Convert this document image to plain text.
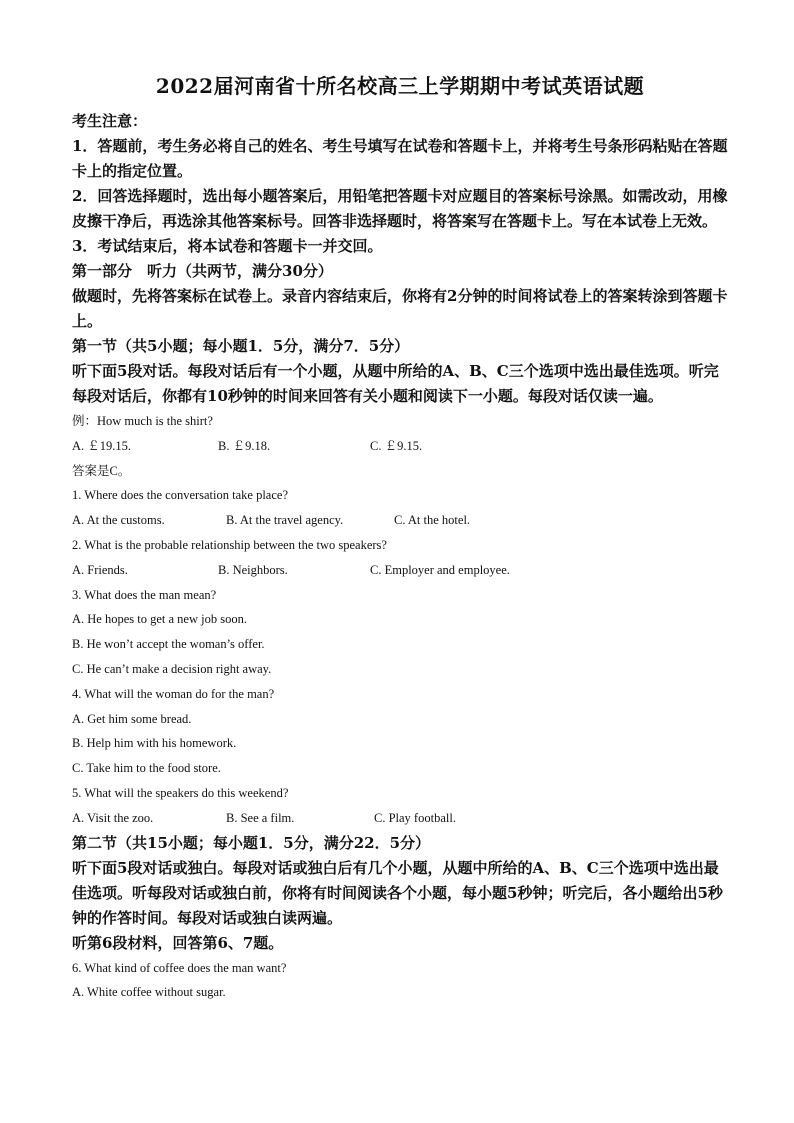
2022届河南省十所名校高三上学期期中考试英语试题
考生注意：
1．答题前，考生务必将自己的姓名、考生号填写在试卷和答题卡上，并将考生号条形码粘贴在答题卡上的指定位置。
2．回答选择题时，选出每小题答案后，用铅笔把答题卡对应题目的答案标号涂黑。如需改动，用橡皮擦干净后，再选涂其他答案标号。回答非选择题时，将答案写在答题卡上。写在本试卷上无效。
3．考试结束后，将本试卷和答题卡一并交回。
第一部分　听力（共两节，满分30分）
做题时，先将答案标在试卷上。录音内容结束后，你将有2分钟的时间将试卷上的答案转涂到答题卡上。
第一节（共5小题；每小题1．5分，满分7．5分）
听下面5段对话。每段对话后有一个小题，从题中所给的A、B、C三个选项中选出最佳选项。听完每段对话后，你都有10秒钟的时间来回答有关小题和阅读下一小题。每段对话仅读一遍。
例：How much is the shirt?
A. ￡19.15.	B. ￡9.18.	C. ￡9.15.
答案是C。
1. Where does the conversation take place?
A. At the customs.	B. At the travel agency.	C. At the hotel.
2. What is the probable relationship between the two speakers?
A. Friends.	B. Neighbors.	C. Employer and employee.
3. What does the man mean?
A. He hopes to get a new job soon.
B. He won’t accept the woman’s offer.
C. He can’t make a decision right away.
4. What will the woman do for the man?
A. Get him some bread.
B. Help him with his homework.
C. Take him to the food store.
5. What will the speakers do this weekend?
A. Visit the zoo.	B. See a film.	C. Play football.
第二节（共15小题；每小题1．5分，满分22．5分）
听下面5段对话或独白。每段对话或独白后有几个小题，从题中所给的A、B、C三个选项中选出最佳选项。听每段对话或独白前，你将有时间阅读各个小题，每小题5秒钟；听完后，各小题给出5秒钟的作答时间。每段对话或独白读两遍。
听第6段材料，回答第6、7题。
6. What kind of coffee does the man want?
A. White coffee without sugar.
